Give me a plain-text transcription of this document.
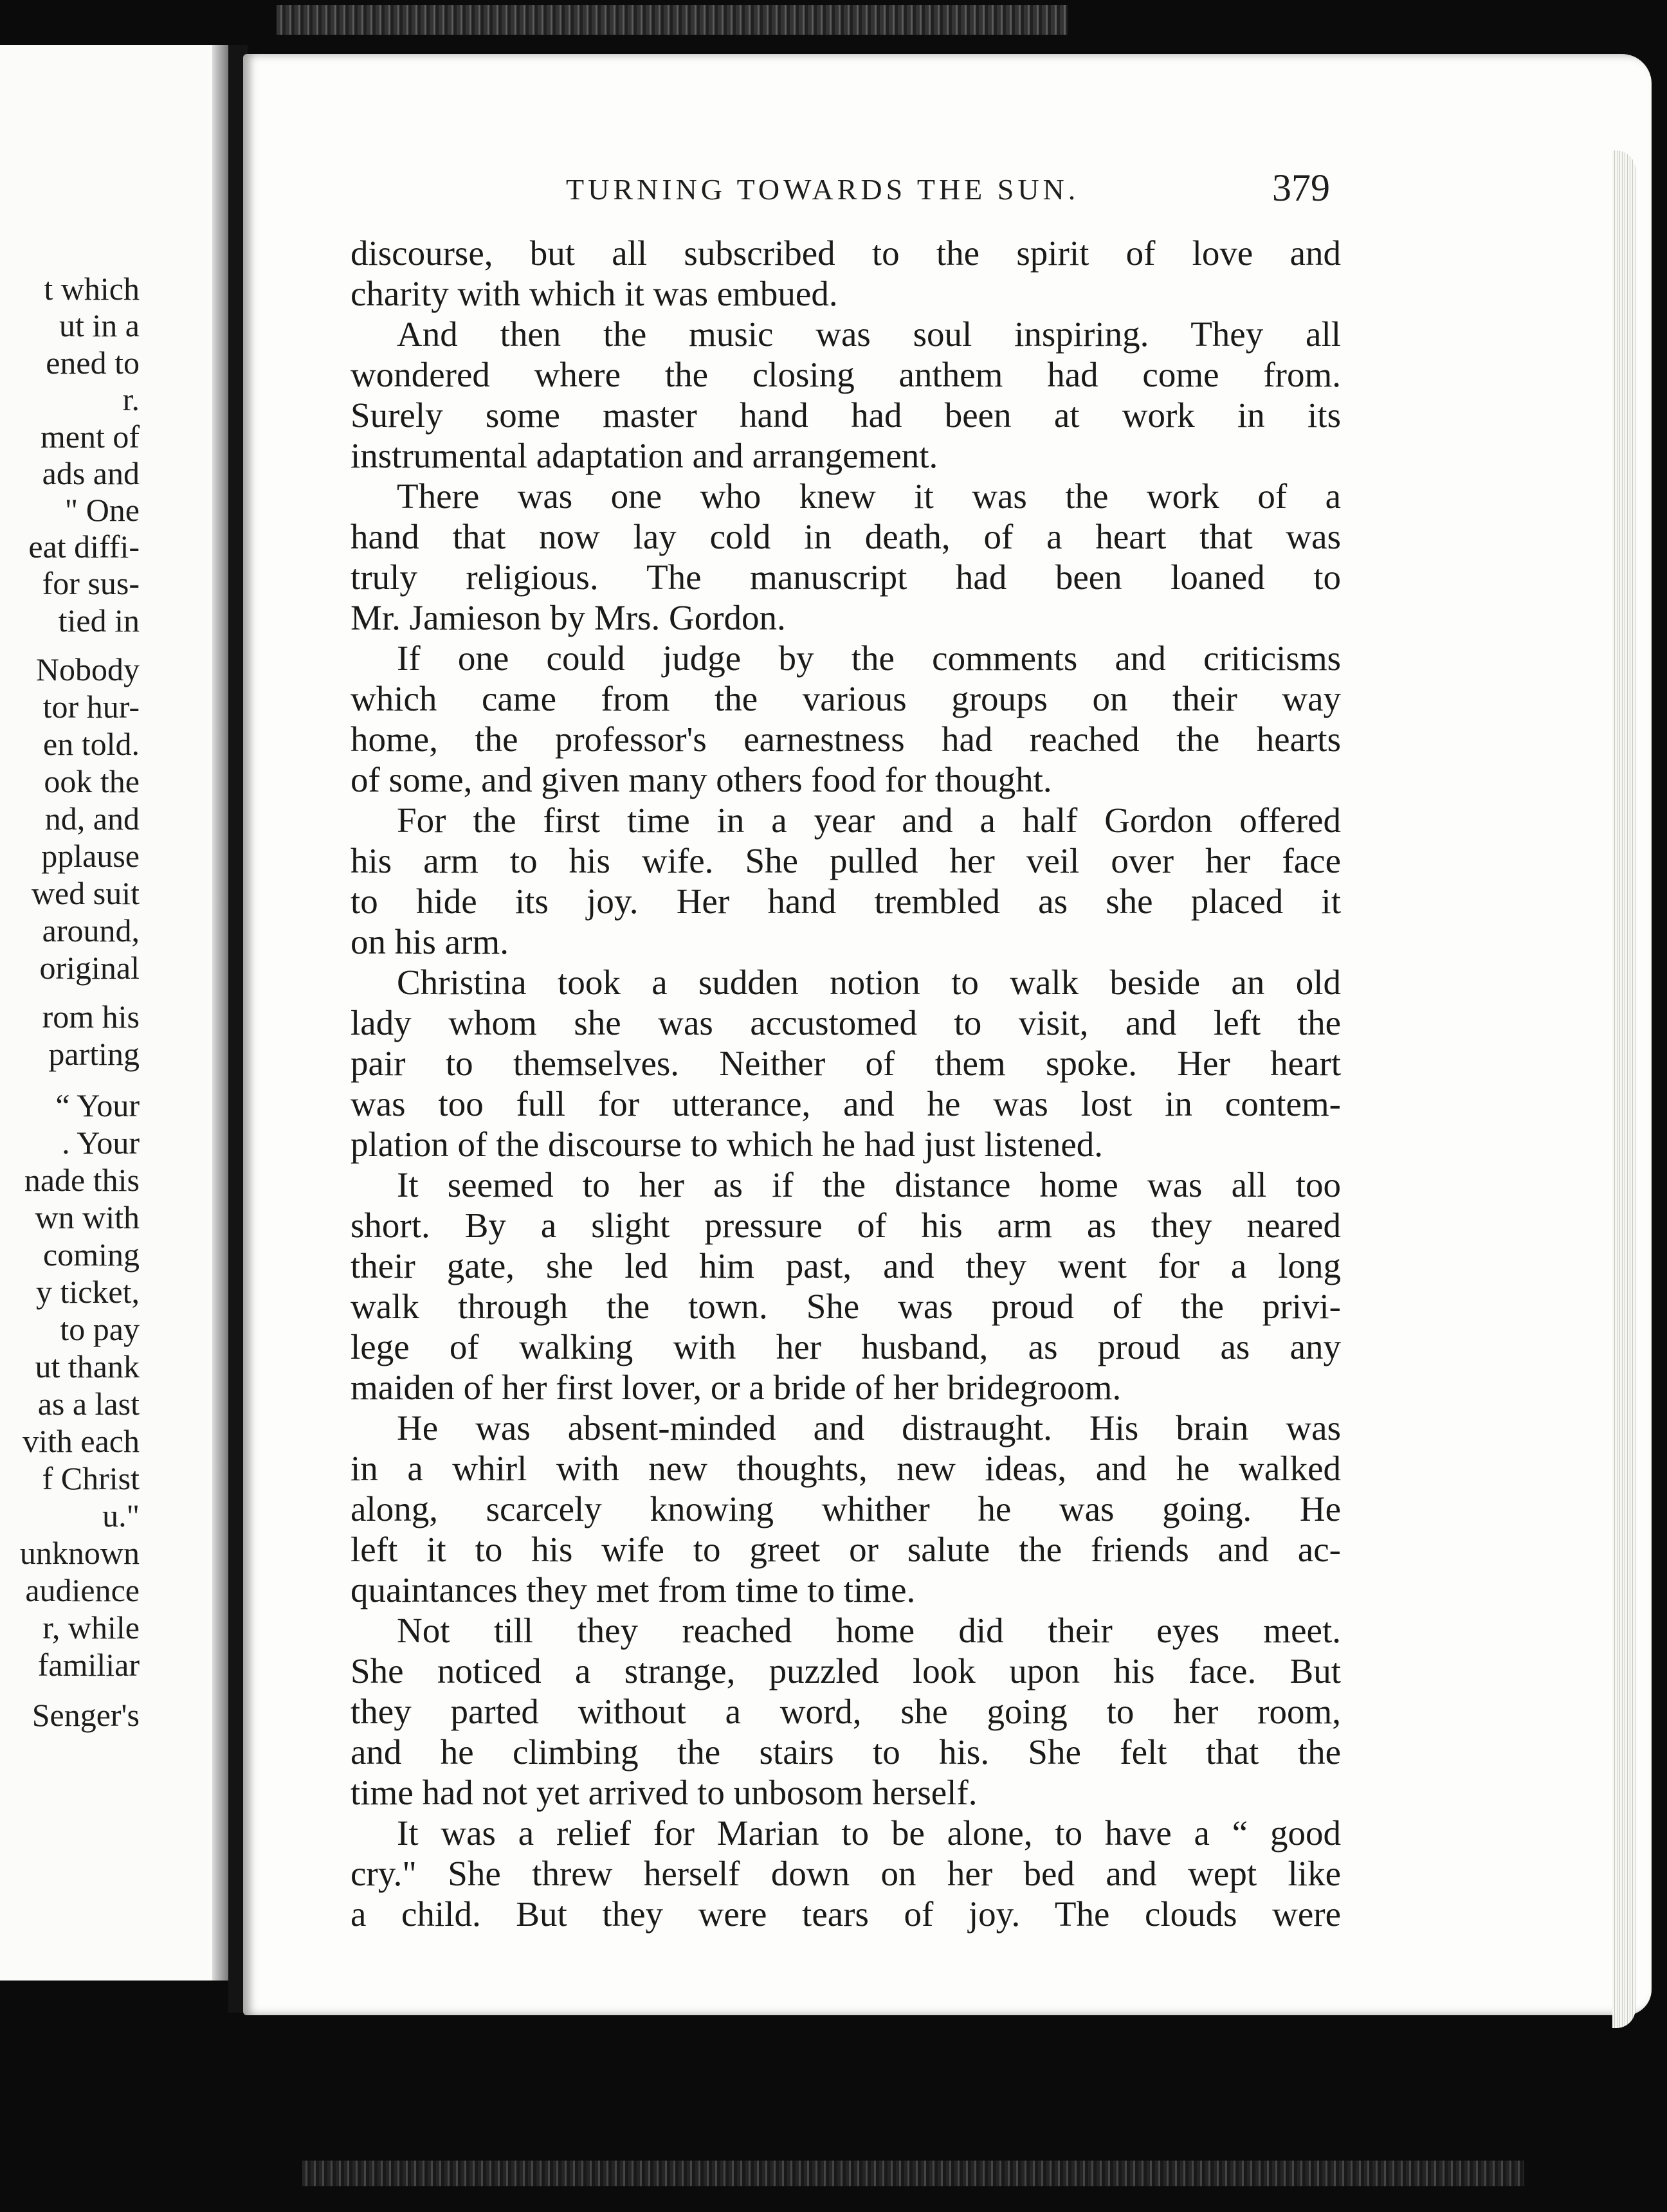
t which

ut in a

ened to

r.

ment of

ads and

" One

eat diffi-

for sus-

tied in

Nobody

tor hur-

en told.

ook the

nd, and

pplause

wed suit

around,

original

rom his

parting

“ Your

. Your

nade this

wn with

coming

y ticket,

to pay

ut thank

as a last

vith each

f Christ

u."

unknown

audience

r, while

familiar

Senger's

TURNING TOWARDS THE SUN.	379

discourse, but all subscribed to the spirit of love and
charity with which it was embued.
And then the music was soul inspiring. They all
wondered where the closing anthem had come from.
Surely some master hand had been at work in its
instrumental adaptation and arrangement.
There was one who knew it was the work of a
hand that now lay cold in death, of a heart that was
truly religious. The manuscript had been loaned to
Mr. Jamieson by Mrs. Gordon.
If one could judge by the comments and criticisms
which came from the various groups on their way
home, the professor's earnestness had reached the hearts
of some, and given many others food for thought.
For the first time in a year and a half Gordon offered
his arm to his wife. She pulled her veil over her face
to hide its joy. Her hand trembled as she placed it
on his arm.
Christina took a sudden notion to walk beside an old
lady whom she was accustomed to visit, and left the
pair to themselves. Neither of them spoke. Her heart
was too full for utterance, and he was lost in contem-
plation of the discourse to which he had just listened.
It seemed to her as if the distance home was all too
short. By a slight pressure of his arm as they neared
their gate, she led him past, and they went for a long
walk through the town. She was proud of the privi-
lege of walking with her husband, as proud as any
maiden of her first lover, or a bride of her bridegroom.
He was absent-minded and distraught. His brain was
in a whirl with new thoughts, new ideas, and he walked
along, scarcely knowing whither he was going. He
left it to his wife to greet or salute the friends and ac-
quaintances they met from time to time.
Not till they reached home did their eyes meet.
She noticed a strange, puzzled look upon his face. But
they parted without a word, she going to her room,
and he climbing the stairs to his. She felt that the
time had not yet arrived to unbosom herself.
It was a relief for Marian to be alone, to have a “ good
cry." She threw herself down on her bed and wept like
a child. But they were tears of joy. The clouds were
